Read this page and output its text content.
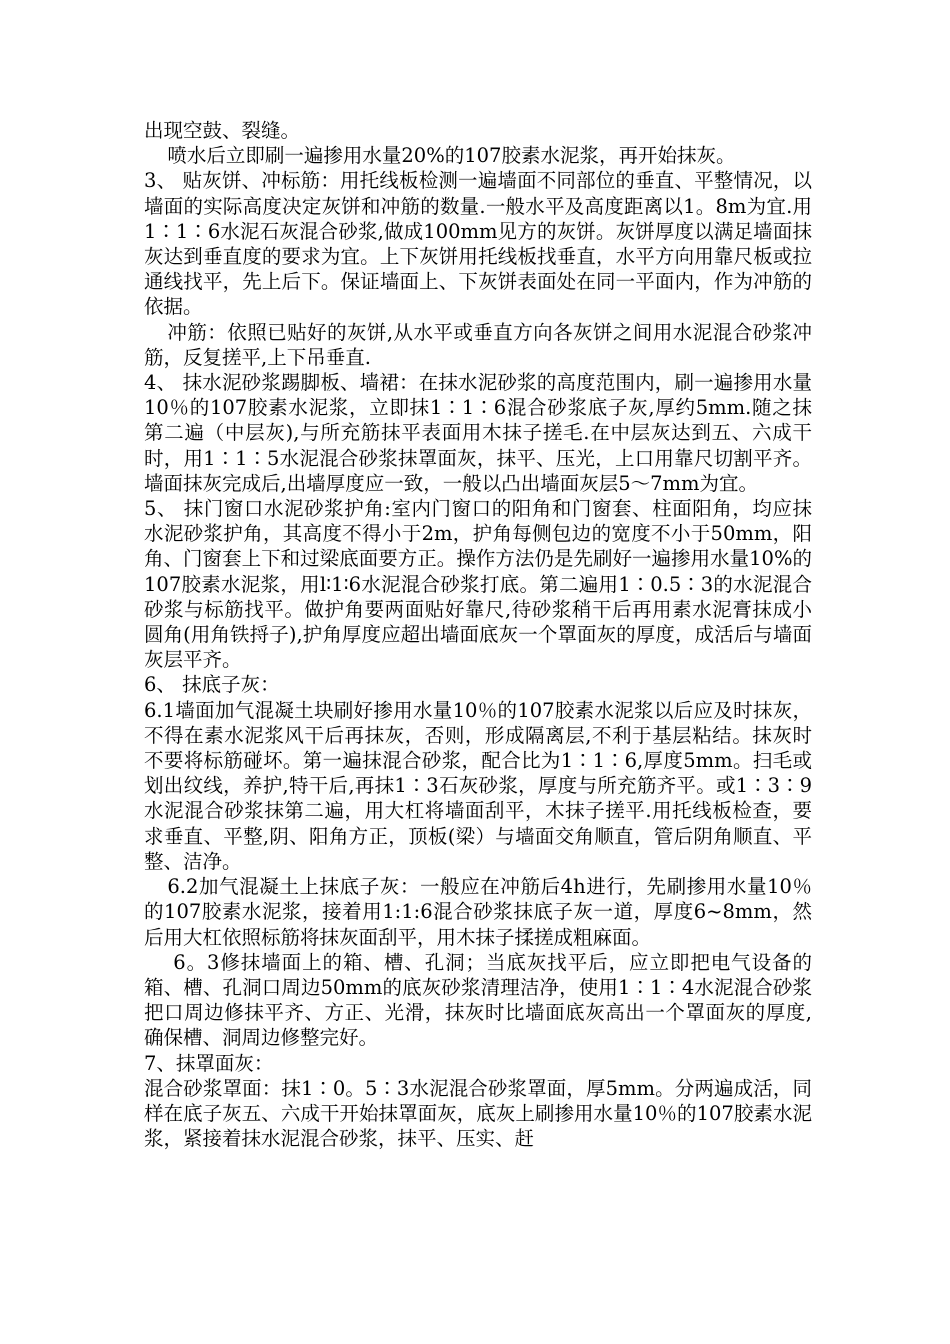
出现空鼓、裂缝。

喷水后立即刷一遍掺用水量20%的107胶素水泥浆，再开始抹灰。

3、 贴灰饼、冲标筋：用托线板检测一遍墙面不同部位的垂直、平整情况，以墙面的实际高度决定灰饼和冲筋的数量.一般水平及高度距离以1。8m为宜.用1∶1∶6水泥石灰混合砂浆,做成100mm见方的灰饼。灰饼厚度以满足墙面抹灰达到垂直度的要求为宜。上下灰饼用托线板找垂直，水平方向用靠尺板或拉通线找平，先上后下。保证墙面上、下灰饼表面处在同一平面内，作为冲筋的依据。

冲筋：依照已贴好的灰饼,从水平或垂直方向各灰饼之间用水泥混合砂浆冲筋，反复搓平,上下吊垂直.

4、 抹水泥砂浆踢脚板、墙裙：在抹水泥砂浆的高度范围内，刷一遍掺用水量10％的107胶素水泥浆，立即抹1∶1∶6混合砂浆底子灰,厚约5mm.随之抹第二遍（中层灰),与所充筋抹平表面用木抹子搓毛.在中层灰达到五、六成干时，用1∶1∶5水泥混合砂浆抹罩面灰，抹平、压光，上口用靠尺切割平齐。墙面抹灰完成后,出墙厚度应一致，一般以凸出墙面灰层5～7mm为宜。

5、 抹门窗口水泥砂浆护角:室内门窗口的阳角和门窗套、柱面阳角，均应抹水泥砂浆护角，其高度不得小于2m，护角每侧包边的宽度不小于50mm，阳角、门窗套上下和过梁底面要方正。操作方法仍是先刷好一遍掺用水量10%的107胶素水泥浆，用l∶1∶6水泥混合砂浆打底。第二遍用1∶0.5∶3的水泥混合砂浆与标筋找平。做护角要两面贴好靠尺,待砂浆稍干后再用素水泥膏抹成小圆角(用角铁捋子),护角厚度应超出墙面底灰一个罩面灰的厚度，成活后与墙面灰层平齐。

6、 抹底子灰：

6.1墙面加气混凝土块刷好掺用水量10％的107胶素水泥浆以后应及时抹灰，不得在素水泥浆风干后再抹灰，否则，形成隔离层,不利于基层粘结。抹灰时不要将标筋碰坏。第一遍抹混合砂浆，配合比为1∶1∶6,厚度5mm。扫毛或划出纹线，养护,特干后,再抹1∶3石灰砂浆，厚度与所充筋齐平。或1∶3∶9水泥混合砂浆抹第二遍，用大杠将墙面刮平，木抹子搓平.用托线板检查，要求垂直、平整,阴、阳角方正，顶板(梁）与墙面交角顺直，管后阴角顺直、平整、洁净。

6.2加气混凝土上抹底子灰：一般应在冲筋后4h进行，先刷掺用水量10％的107胶素水泥浆，接着用1:1:6混合砂浆抹底子灰一道，厚度6~8mm，然后用大杠依照标筋将抹灰面刮平，用木抹子揉搓成粗麻面。

6。3修抹墙面上的箱、槽、孔洞；当底灰找平后，应立即把电气设备的箱、槽、孔洞口周边50mm的底灰砂浆清理洁净，使用1∶1∶4水泥混合砂浆把口周边修抹平齐、方正、光滑，抹灰时比墙面底灰高出一个罩面灰的厚度,确保槽、洞周边修整完好。

7、抹罩面灰：

混合砂浆罩面：抹1∶0。5∶3水泥混合砂浆罩面，厚5mm。分两遍成活，同样在底子灰五、六成干开始抹罩面灰，底灰上刷掺用水量10％的107胶素水泥浆，紧接着抹水泥混合砂浆，抹平、压实、赶
